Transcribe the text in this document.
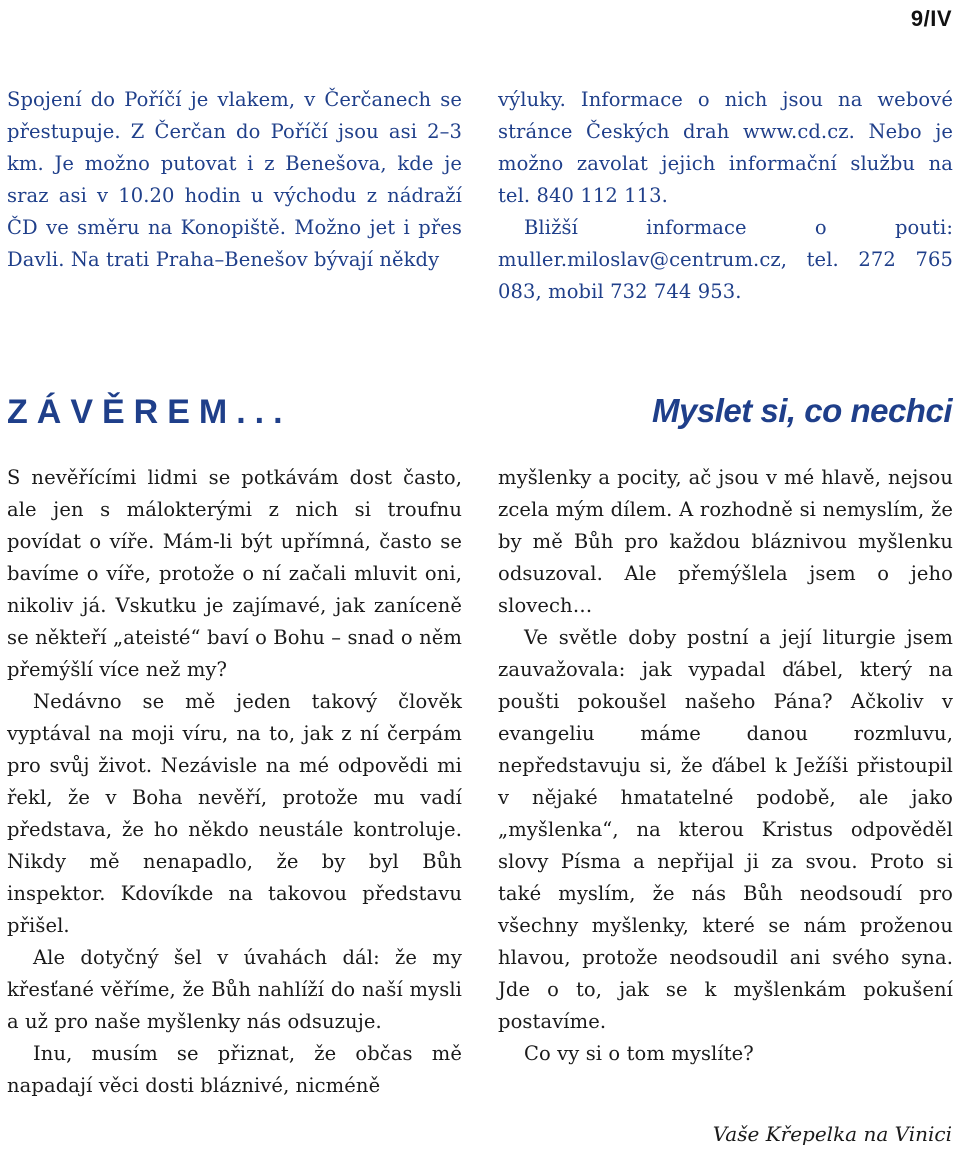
9/IV

Spojení do Poříčí je vlakem, v Čerčanech se přestupuje. Z Čerčan do Poříčí jsou asi 2–3 km. Je možno putovat i z Benešova, kde je sraz asi v 10.20 hodin u východu z nádraží ČD ve směru na Konopiště. Možno jet i přes Davli. Na trati Praha–Benešov bývají někdy

výluky. Informace o nich jsou na webové stránce Českých drah www.cd.cz. Nebo je možno zavolat jejich informační službu na tel. 840 112 113.

Bližší informace o pouti: muller.miloslav@centrum.cz, tel. 272 765 083, mobil 732 744 953.

ZÁVĚREM...	Myslet si, co nechci

S nevěřícími lidmi se potkávám dost často, ale jen s málokterými z nich si troufnu povídat o víře. Mám-li být upřímná, často se bavíme o víře, protože o ní začali mluvit oni, nikoliv já. Vskutku je zajímavé, jak zaníceně se někteří „ateisté“ baví o Bohu – snad o něm přemýšlí více než my?

Nedávno se mě jeden takový člověk vyptával na moji víru, na to, jak z ní čerpám pro svůj život. Nezávisle na mé odpovědi mi řekl, že v Boha nevěří, protože mu vadí představa, že ho někdo neustále kontroluje. Nikdy mě nenapadlo, že by byl Bůh inspektor. Kdovíkde na takovou představu přišel.

Ale dotyčný šel v úvahách dál: že my křesťané věříme, že Bůh nahlíží do naší mysli a už pro naše myšlenky nás odsuzuje.

Inu, musím se přiznat, že občas mě napadají věci dosti bláznivé, nicméně

myšlenky a pocity, ač jsou v mé hlavě, nejsou zcela mým dílem. A rozhodně si nemyslím, že by mě Bůh pro každou bláznivou myšlenku odsuzoval. Ale přemýšlela jsem o jeho slovech…

Ve světle doby postní a její liturgie jsem zauvažovala: jak vypadal ďábel, který na poušti pokoušel našeho Pána? Ačkoliv v evangeliu máme danou rozmluvu, nepředstavuju si, že ďábel k Ježíši přistoupil v nějaké hmatatelné podobě, ale jako „myšlenka“, na kterou Kristus odpověděl slovy Písma a nepřijal ji za svou. Proto si také myslím, že nás Bůh neodsoudí pro všechny myšlenky, které se nám proženou hlavou, protože neodsoudil ani svého syna. Jde o to, jak se k myšlenkám pokušení postavíme.

Co vy si o tom myslíte?

Vaše Křepelka na Vinici
